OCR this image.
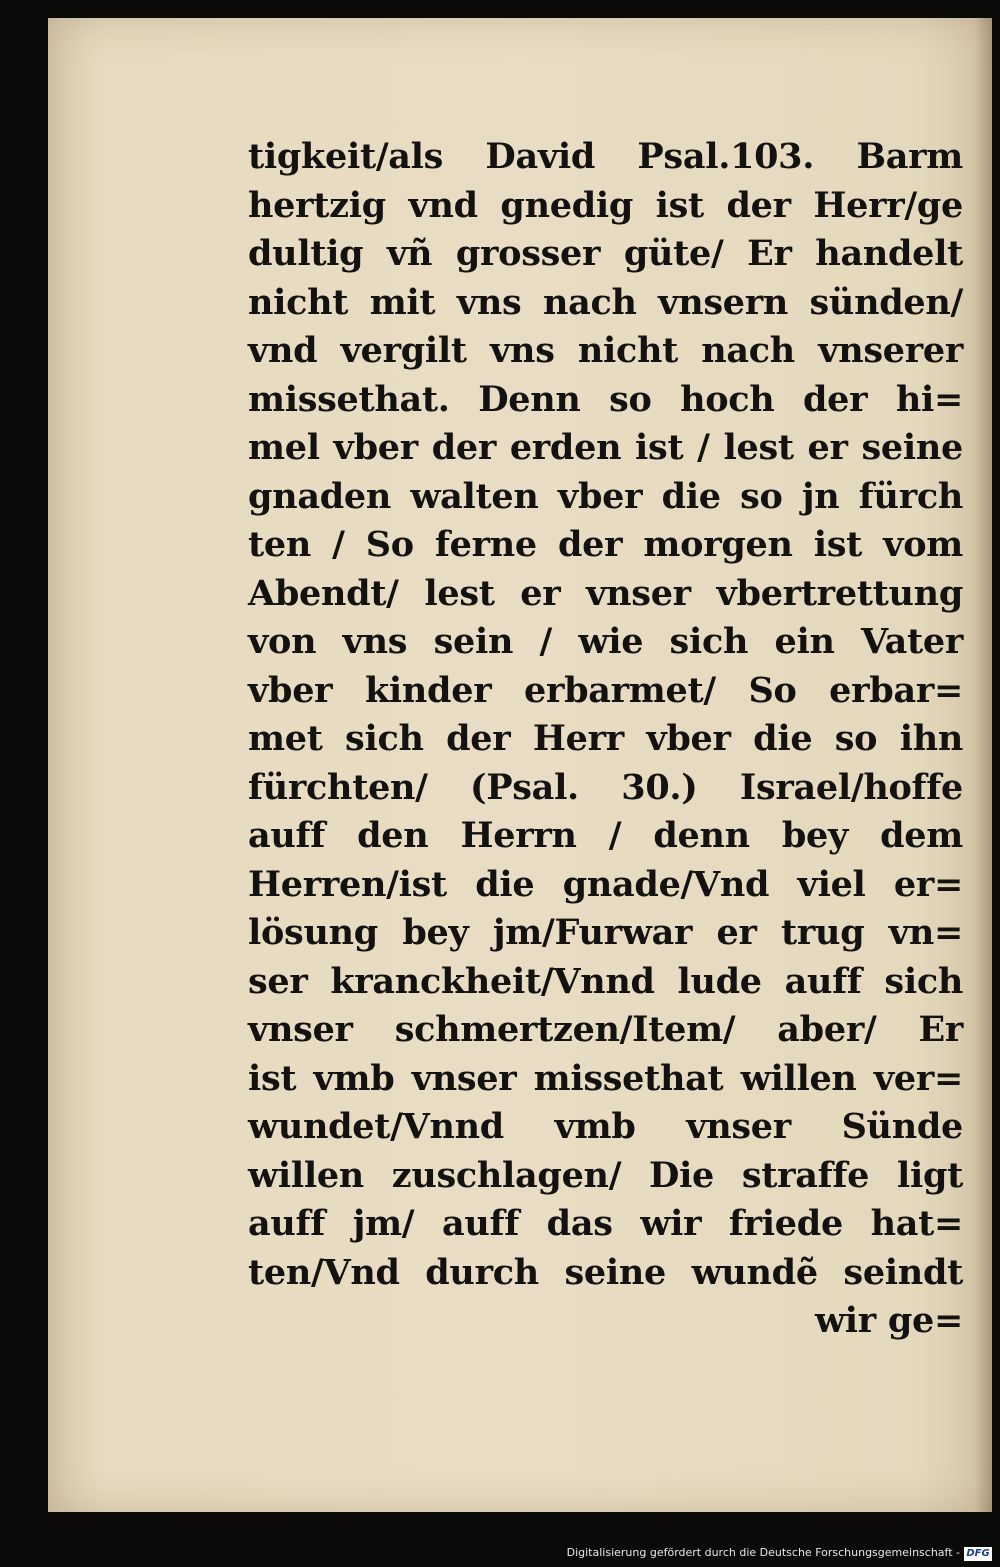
tigkeit/als David Psal.103. Barm
hertzig vnd gnedig ist der Herr/ge
dultig vñ grosser güte/ Er handelt
nicht mit vns nach vnsern sünden/
vnd vergilt vns nicht nach vnserer
missethat. Denn so hoch der hi=
mel vber der erden ist / lest er seine
gnaden walten vber die so jn fürch
ten / So ferne der morgen ist vom
Abendt/ lest er vnser vbertrettung
von vns sein / wie sich ein Vater
vber kinder erbarmet/ So erbar=
met sich der Herr vber die so ihn
fürchten/ (Psal. 30.) Israel/hoffe
auff den Herrn / denn bey dem
Herren/ist die gnade/Vnd viel er=
lösung bey jm/Furwar er trug vn=
ser kranckheit/Vnnd lude auff sich
vnser schmertzen/Item/ aber/ Er
ist vmb vnser missethat willen ver=
wundet/Vnnd vmb vnser Sünde
willen zuschlagen/ Die straffe ligt
auff jm/ auff das wir friede hat=
ten/Vnd durch seine wundẽ seindt
wir ge=
Digitalisierung gefördert durch die Deutsche Forschungsgemeinschaft - DFG
